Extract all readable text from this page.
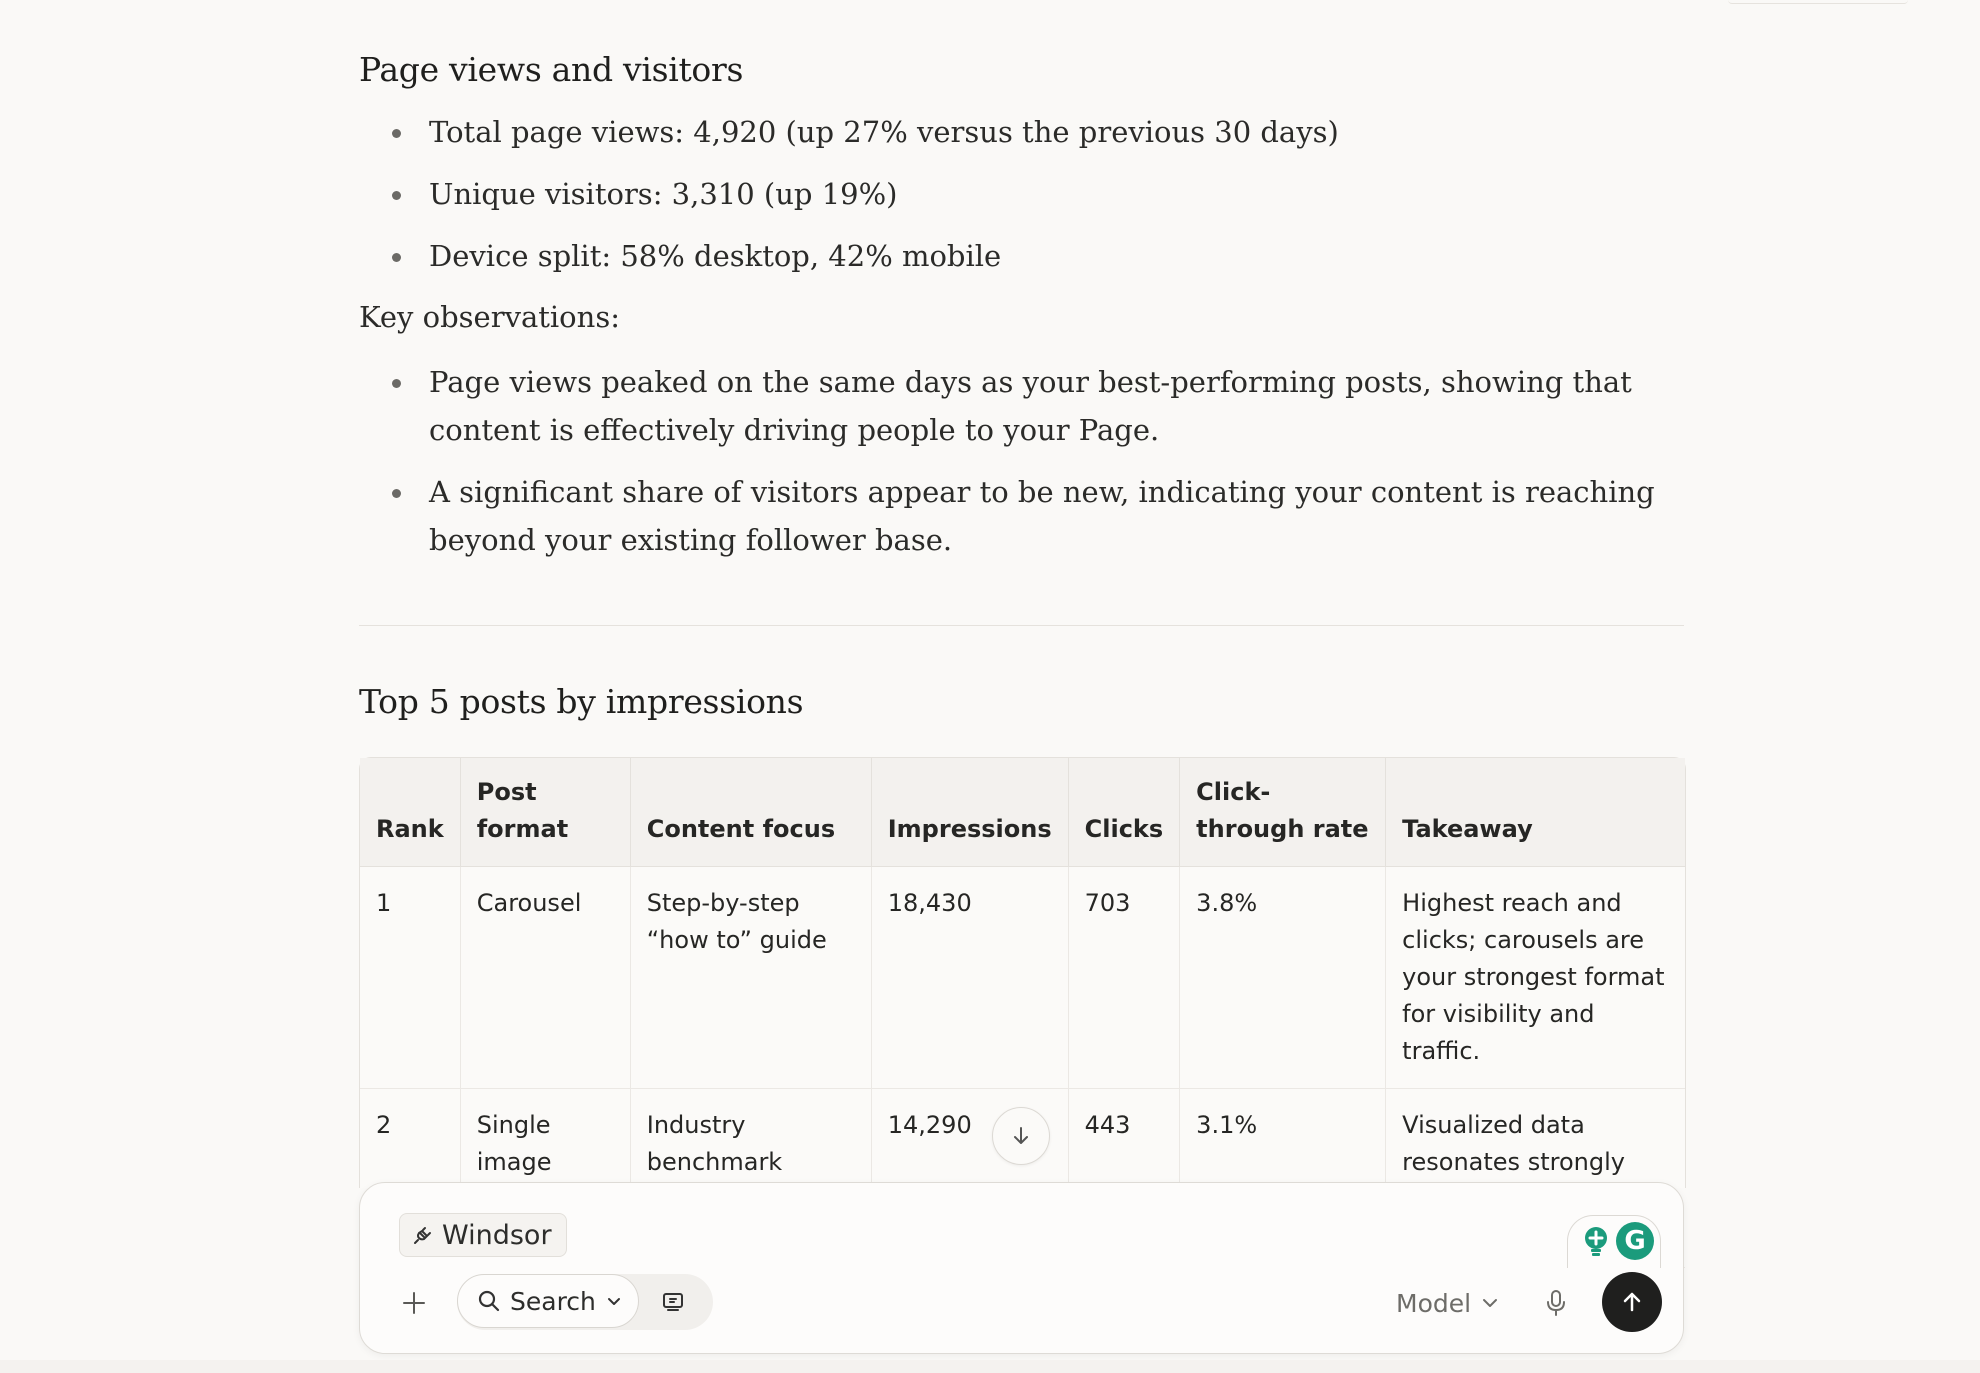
Page views and visitors
Total page views: 4,920 (up 27% versus the previous 30 days)
Unique visitors: 3,310 (up 19%)
Device split: 58% desktop, 42% mobile
Key observations:
Page views peaked on the same days as your best-performing posts, showing that content is effectively driving people to your Page.
A significant share of visitors appear to be new, indicating your content is reaching beyond your existing follower base.
Top 5 posts by impressions
Rank	Post format	Content focus	Impressions	Clicks	Click-through rate	Takeaway
1	Carousel	Step-by-step “how to” guide	18,430	703	3.8%	Highest reach and clicks; carousels are your strongest format for visibility and traffic.
2	Single image	Industry benchmark	14,290	443	3.1%	Visualized data resonates strongly
Windsor	G
Search	Model
